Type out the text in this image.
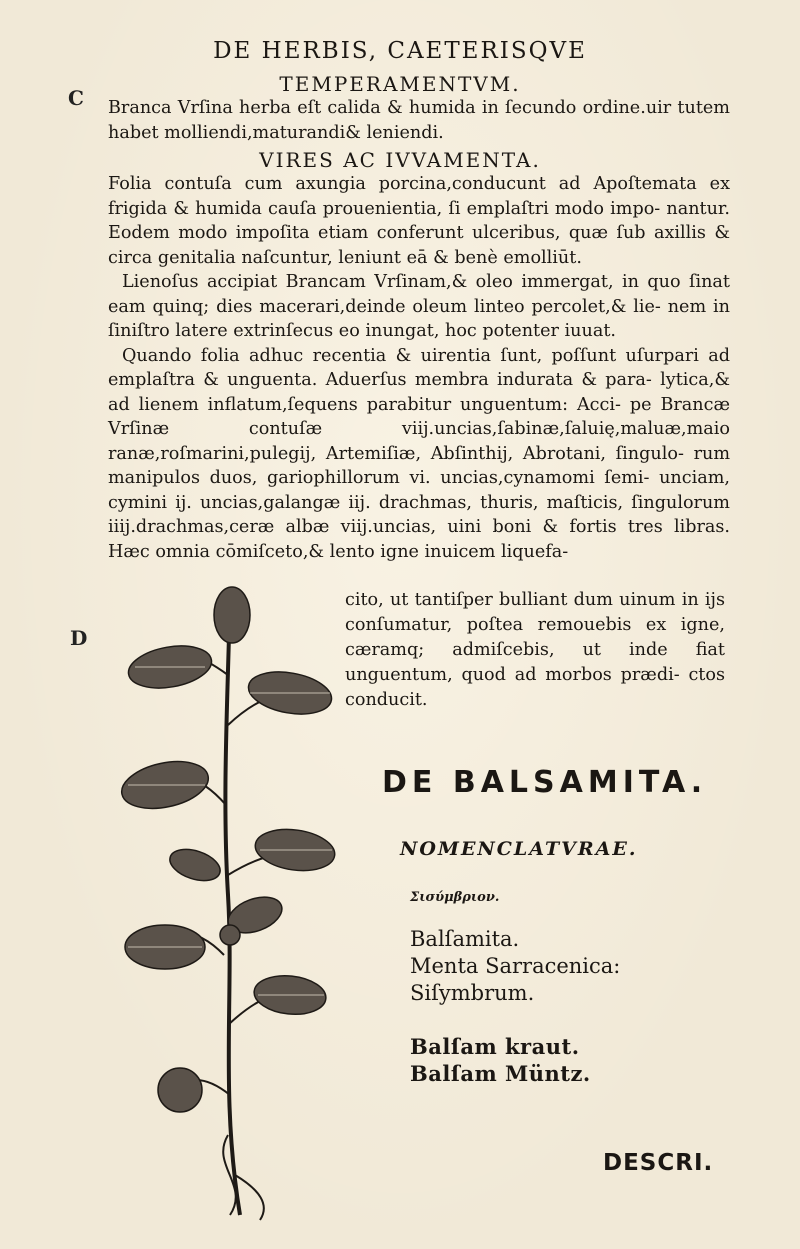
DE HERBIS, CAETERISQVE
C
D
TEMPERAMENTVM.

Branca Vrſina herba eſt calida & humida in ſecundo ordine.uir tutem habet molliendi,maturandi& leniendi.

VIRES AC IVVAMENTA.

Folia contuſa cum axungia porcina,conducunt ad Apoſtemata ex frigida & humida cauſa prouenientia, ſi emplaſtri modo impo- nantur. Eodem modo impoſita etiam conferunt ulceribus, quæ ſub axillis & circa genitalia naſcuntur, leniunt eā & benè emolliūt.

Lienoſus accipiat Brancam Vrſinam,& oleo immergat, in quo ſinat eam quinq; dies macerari,deinde oleum linteo percolet,& lie- nem in ſiniſtro latere extrinſecus eo inungat, hoc potenter iuuat.

Quando folia adhuc recentia & uirentia ſunt, poſſunt uſurpari ad emplaſtra & unguenta. Aduerſus membra indurata & para- lytica,& ad lienem inflatum,ſequens parabitur unguentum: Acci- pe Brancæ Vrſinæ contuſæ viij.uncias,ſabinæ,ſaluię,maluæ,maio ranæ,roſmarini,pulegij, Artemiſiæ, Abſinthij, Abrotani, ſingulo- rum manipulos duos, gariophillorum vi. uncias,cynamomi ſemi- unciam, cymini ij. uncias,galangæ iij. drachmas, thuris, maſticis, ſingulorum iiij.drachmas,ceræ albæ viij.uncias, uini boni & fortis tres libras. Hæc omnia cōmiſceto,& lento igne inuicem liquefa-

cito, ut tantiſper bulliant dum uinum in ijs conſumatur, poſtea remouebis ex igne, cæramq; admiſcebis, ut inde fiat unguentum, quod ad morbos prædi- ctos conducit.
DE BALSAMITA.
NOMENCLATVRAE.
Σισύμβριον.
Balſamita.
Menta Sarracenica:
Siſymbrum.
Balſam kraut.
Balſam Müntz.
DESCRI.
